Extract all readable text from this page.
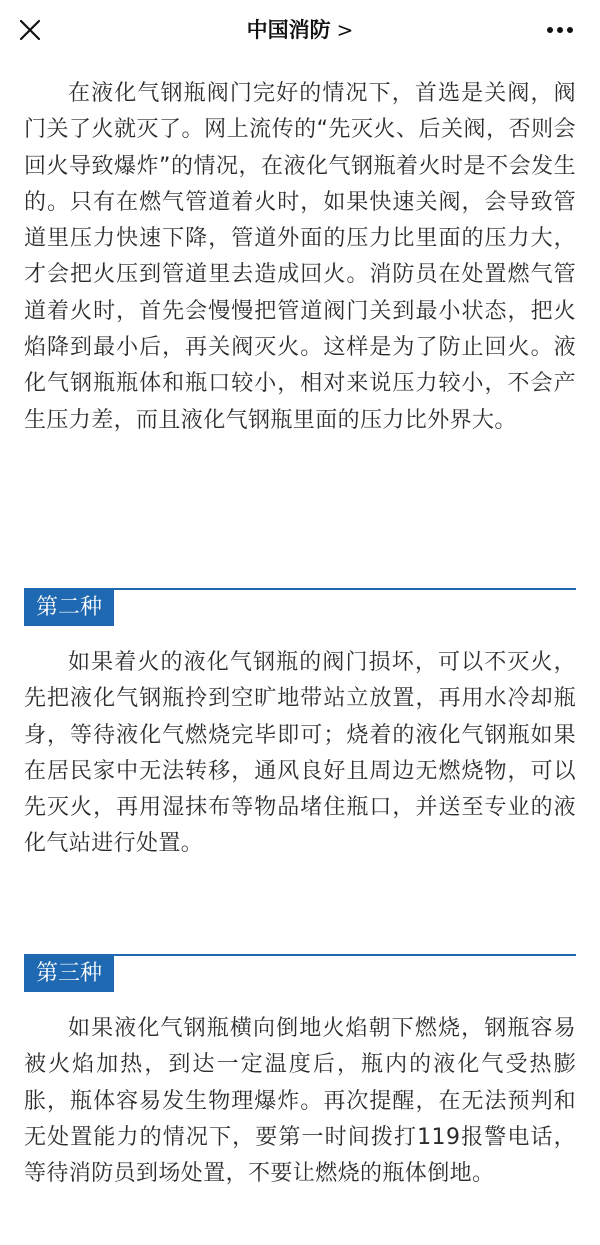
中国消防 >

在液化气钢瓶阀门完好的情况下，首选是关阀，阀门关了火就灭了。网上流传的“先灭火、后关阀，否则会回火导致爆炸”的情况，在液化气钢瓶着火时是不会发生的。只有在燃气管道着火时，如果快速关阀，会导致管道里压力快速下降，管道外面的压力比里面的压力大，才会把火压到管道里去造成回火。消防员在处置燃气管道着火时，首先会慢慢把管道阀门关到最小状态，把火焰降到最小后，再关阀灭火。这样是为了防止回火。液化气钢瓶瓶体和瓶口较小，相对来说压力较小，不会产生压力差，而且液化气钢瓶里面的压力比外界大。

第二种

如果着火的液化气钢瓶的阀门损坏，可以不灭火，先把液化气钢瓶拎到空旷地带站立放置，再用水冷却瓶身，等待液化气燃烧完毕即可；烧着的液化气钢瓶如果在居民家中无法转移，通风良好且周边无燃烧物，可以先灭火，再用湿抹布等物品堵住瓶口，并送至专业的液化气站进行处置。

第三种

如果液化气钢瓶横向倒地火焰朝下燃烧，钢瓶容易被火焰加热，到达一定温度后，瓶内的液化气受热膨胀，瓶体容易发生物理爆炸。再次提醒，在无法预判和无处置能力的情况下，要第一时间拨打119报警电话，等待消防员到场处置，不要让燃烧的瓶体倒地。
